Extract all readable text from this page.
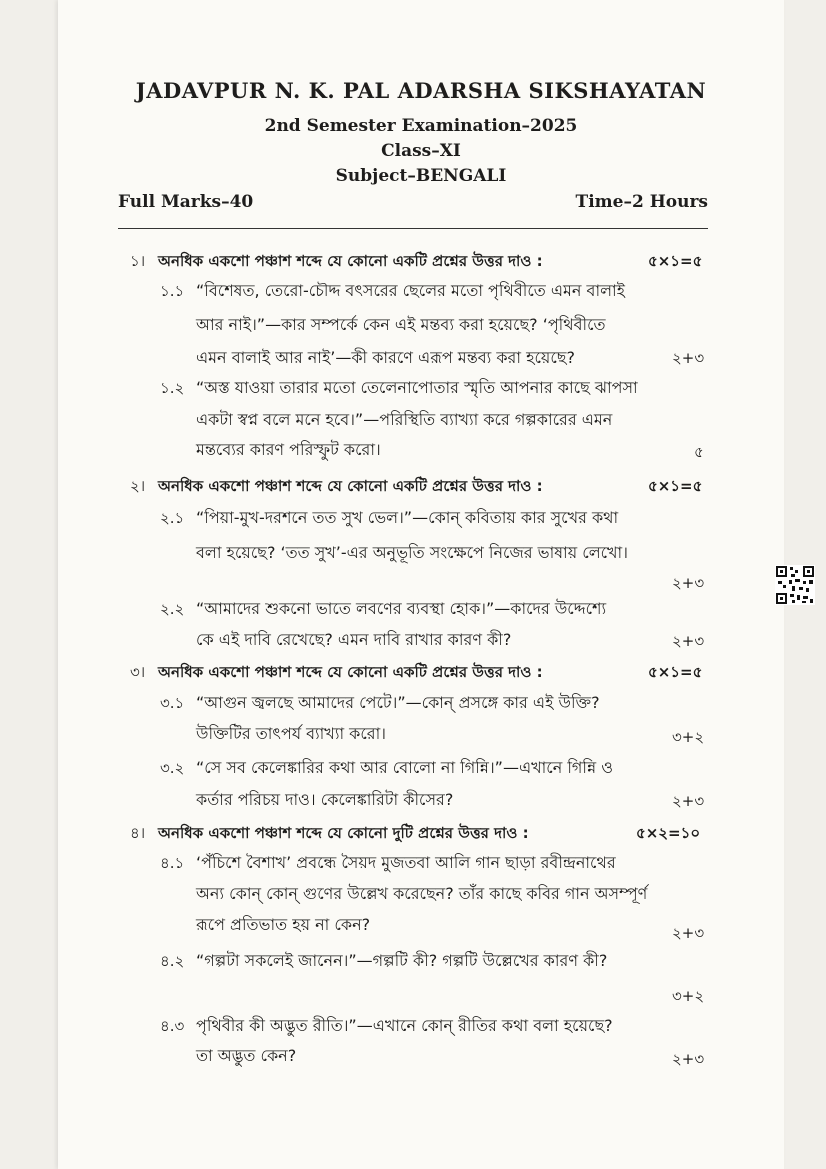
JADAVPUR N. K. PAL ADARSHA SIKSHAYATAN
2nd Semester Examination–2025
Class–XI
Subject–BENGALI
Full Marks–40	Time–2 Hours
১। অনধিক একশো পঞ্চাশ শব্দে যে কোনো একটি প্রশ্নের উত্তর দাও :	৫×১=৫
১.১ “বিশেষত, তেরো-চৌদ্দ বৎসরের ছেলের মতো পৃথিবীতে এমন বালাই
আর নাই।”—কার সম্পর্কে কেন এই মন্তব্য করা হয়েছে? ‘পৃথিবীতে
এমন বালাই আর নাই’—কী কারণে এরূপ মন্তব্য করা হয়েছে?	২+৩
১.২ “অস্ত যাওয়া তারার মতো তেলেনাপোতার স্মৃতি আপনার কাছে ঝাপসা
একটা স্বপ্ন বলে মনে হবে।”—পরিস্থিতি ব্যাখ্যা করে গল্পকারের এমন
মন্তব্যের কারণ পরিস্ফুট করো।	৫
২। অনধিক একশো পঞ্চাশ শব্দে যে কোনো একটি প্রশ্নের উত্তর দাও :	৫×১=৫
২.১ “পিয়া-মুখ-দরশনে তত সুখ ভেল।”—কোন্ কবিতায় কার সুখের কথা
বলা হয়েছে? ‘তত সুখ’-এর অনুভূতি সংক্ষেপে নিজের ভাষায় লেখো।
২+৩
২.২ “আমাদের শুকনো ভাতে লবণের ব্যবস্থা হোক।”—কাদের উদ্দেশ্যে
কে এই দাবি রেখেছে? এমন দাবি রাখার কারণ কী?	২+৩
৩। অনধিক একশো পঞ্চাশ শব্দে যে কোনো একটি প্রশ্নের উত্তর দাও :	৫×১=৫
৩.১ “আগুন জ্বলছে আমাদের পেটে।”—কোন্ প্রসঙ্গে কার এই উক্তি?
উক্তিটির তাৎপর্য ব্যাখ্যা করো।	৩+২
৩.২ “সে সব কেলেঙ্কারির কথা আর বোলো না গিন্নি।”—এখানে গিন্নি ও
কর্তার পরিচয় দাও। কেলেঙ্কারিটা কীসের?	২+৩
৪। অনধিক একশো পঞ্চাশ শব্দে যে কোনো দুটি প্রশ্নের উত্তর দাও :	৫×২=১০
৪.১ ‘পঁচিশে বৈশাখ’ প্রবন্ধে সৈয়দ মুজতবা আলি গান ছাড়া রবীন্দ্রনাথের
অন্য কোন্ কোন্ গুণের উল্লেখ করেছেন? তাঁর কাছে কবির গান অসম্পূর্ণ
রূপে প্রতিভাত হয় না কেন?	২+৩
৪.২ “গল্পটা সকলেই জানেন।”—গল্পটি কী? গল্পটি উল্লেখের কারণ কী?
৩+২
৪.৩ পৃথিবীর কী অদ্ভুত রীতি।”—এখানে কোন্ রীতির কথা বলা হয়েছে?
তা অদ্ভুত কেন?	২+৩
